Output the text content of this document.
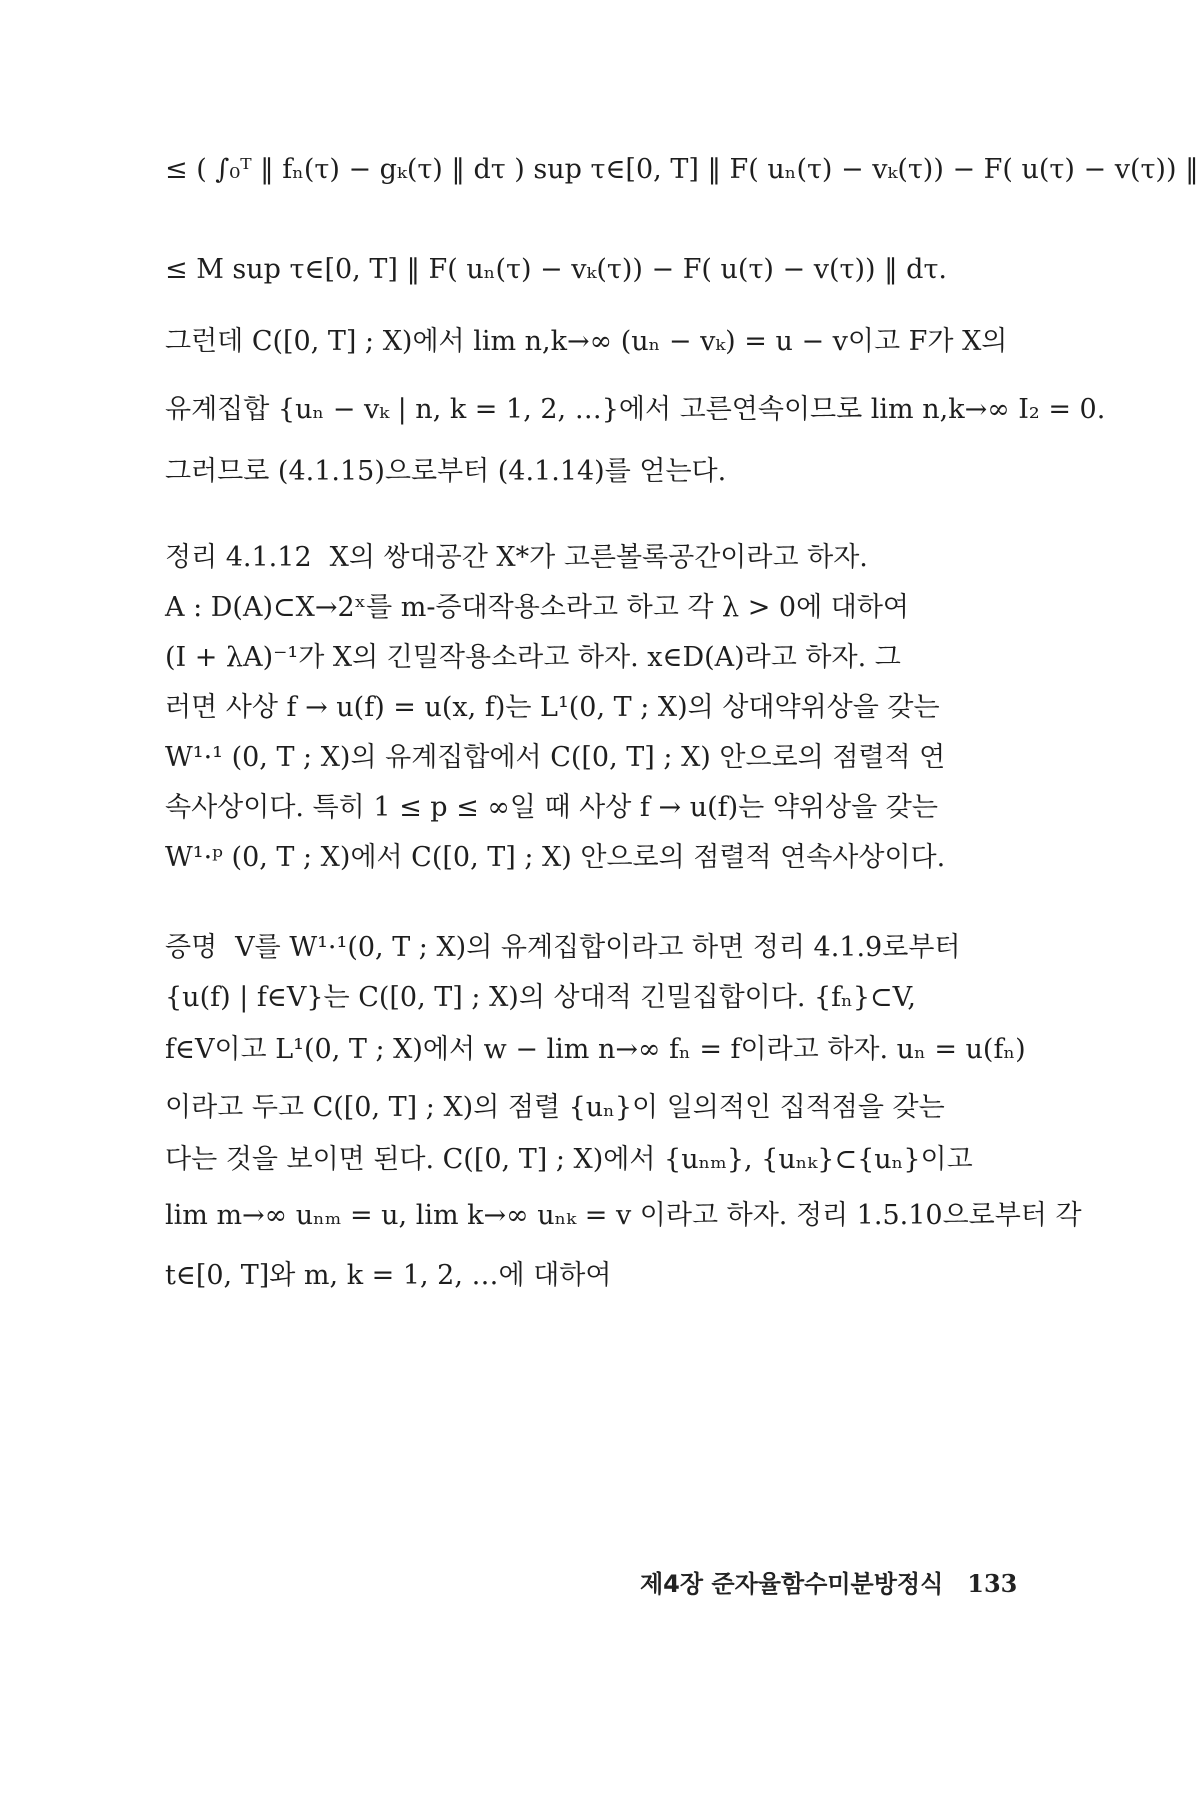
≤ ( ∫₀ᵀ ‖ fₙ(τ) − gₖ(τ) ‖ dτ ) sup τ∈[0, T] ‖ F( uₙ(τ) − vₖ(τ)) − F( u(τ) − v(τ)) ‖
≤ M sup τ∈[0, T] ‖ F( uₙ(τ) − vₖ(τ)) − F( u(τ) − v(τ)) ‖ dτ.
그런데 C([0, T] ; X)에서 lim n,k→∞ (uₙ − vₖ) = u − v이고 F가 X의
유계집합 {uₙ − vₖ | n, k = 1, 2, …}에서 고른연속이므로 lim n,k→∞ I₂ = 0.
그러므로 (4.1.15)으로부터 (4.1.14)를 얻는다.
정리 4.1.12 X의 쌍대공간 X*가 고른볼록공간이라고 하자.
A : D(A)⊂X→2ˣ를 m-증대작용소라고 하고 각 λ > 0에 대하여
(I + λA)⁻¹가 X의 긴밀작용소라고 하자. x∈D(A)라고 하자. 그
러면 사상 f → u(f) = u(x, f)는 L¹(0, T ; X)의 상대약위상을 갖는
W¹·¹ (0, T ; X)의 유계집합에서 C([0, T] ; X) 안으로의 점렬적 연
속사상이다. 특히 1 ≤ p ≤ ∞일 때 사상 f → u(f)는 약위상을 갖는
W¹·ᵖ (0, T ; X)에서 C([0, T] ; X) 안으로의 점렬적 연속사상이다.
증명 V를 W¹·¹(0, T ; X)의 유계집합이라고 하면 정리 4.1.9로부터
{u(f) | f∈V}는 C([0, T] ; X)의 상대적 긴밀집합이다. {fₙ}⊂V,
f∈V이고 L¹(0, T ; X)에서 w − lim n→∞ fₙ = f이라고 하자. uₙ = u(fₙ)
이라고 두고 C([0, T] ; X)의 점렬 {uₙ}이 일의적인 집적점을 갖는
다는 것을 보이면 된다. C([0, T] ; X)에서 {uₙₘ}, {uₙₖ}⊂{uₙ}이고
lim m→∞ uₙₘ = u, lim k→∞ uₙₖ = v 이라고 하자. 정리 1.5.10으로부터 각
t∈[0, T]와 m, k = 1, 2, …에 대하여
제4장 준자율함수미분방정식 133
